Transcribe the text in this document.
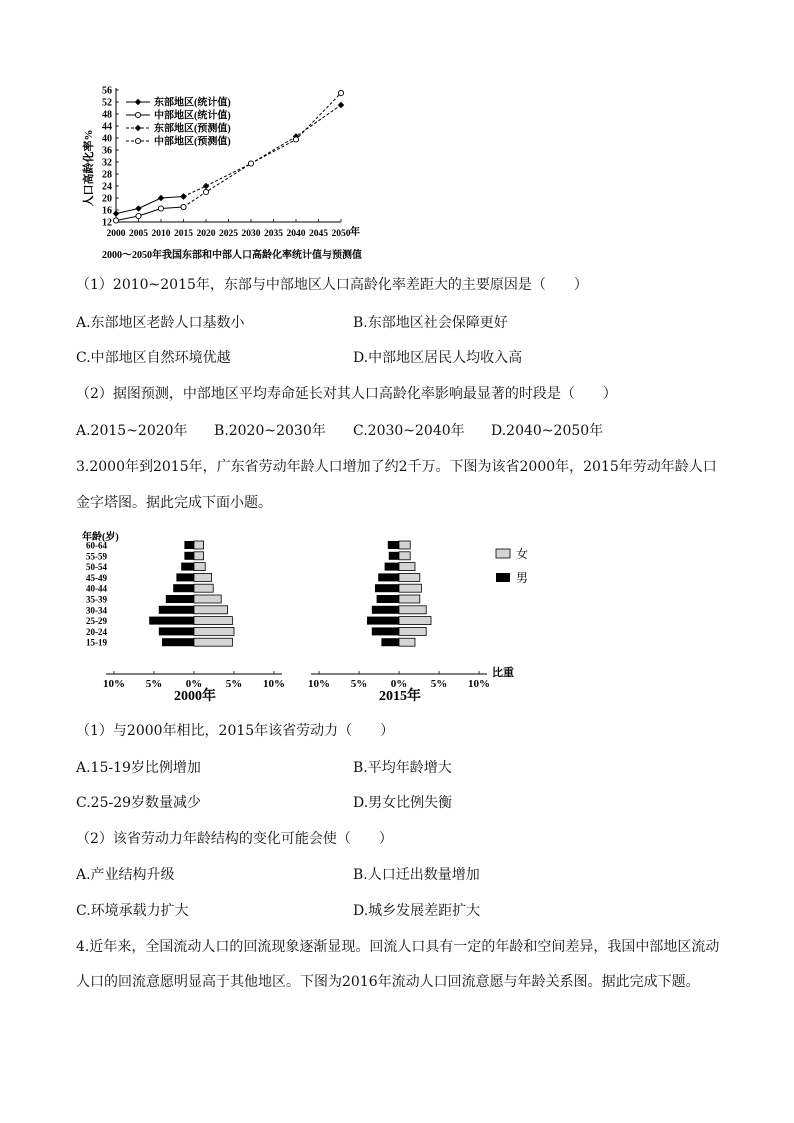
人口高龄化率%
12
16
20
24
28
32
36
40
44
48
52
56
2000 2005 2010 2015 2020 2025 2030 2035 2040 2045 2050
东部地区(统计值)
中部地区(统计值)
东部地区(预测值)
中部地区(预测值)
年
2000～2050年我国东部和中部人口高龄化率统计值与预测值
（1）2010~2015年，东部与中部地区人口高龄化率差距大的主要原因是（　　）
A.东部地区老龄人口基数小	B.东部地区社会保障更好
C.中部地区自然环境优越	D.中部地区居民人均收入高
（2）据图预测，中部地区平均寿命延长对其人口高龄化率影响最显著的时段是（　　）
A.2015~2020年 B.2020~2030年 C.2030~2040年 D.2040~2050年
3.2000年到2015年，广东省劳动年龄人口增加了约2千万。下图为该省2000年，2015年劳动年龄人口
金字塔图。据此完成下面小题。
年龄(岁)
60-64
55-59
50-54
45-49
40-44
35-39
30-34
25-29
20-24
15-19
10% 5% 0% 5% 10% 10% 5% 0% 5% 10%
比重
2000年	2015年
女
男
（1）与2000年相比，2015年该省劳动力（　　）
A.15-19岁比例增加	B.平均年龄增大
C.25-29岁数量减少	D.男女比例失衡
（2）该省劳动力年龄结构的变化可能会使（　　）
A.产业结构升级	B.人口迁出数量增加
C.环境承载力扩大	D.城乡发展差距扩大
4.近年来，全国流动人口的回流现象逐渐显现。回流人口具有一定的年龄和空间差异，我国中部地区流动
人口的回流意愿明显高于其他地区。下图为2016年流动人口回流意愿与年龄关系图。据此完成下题。
